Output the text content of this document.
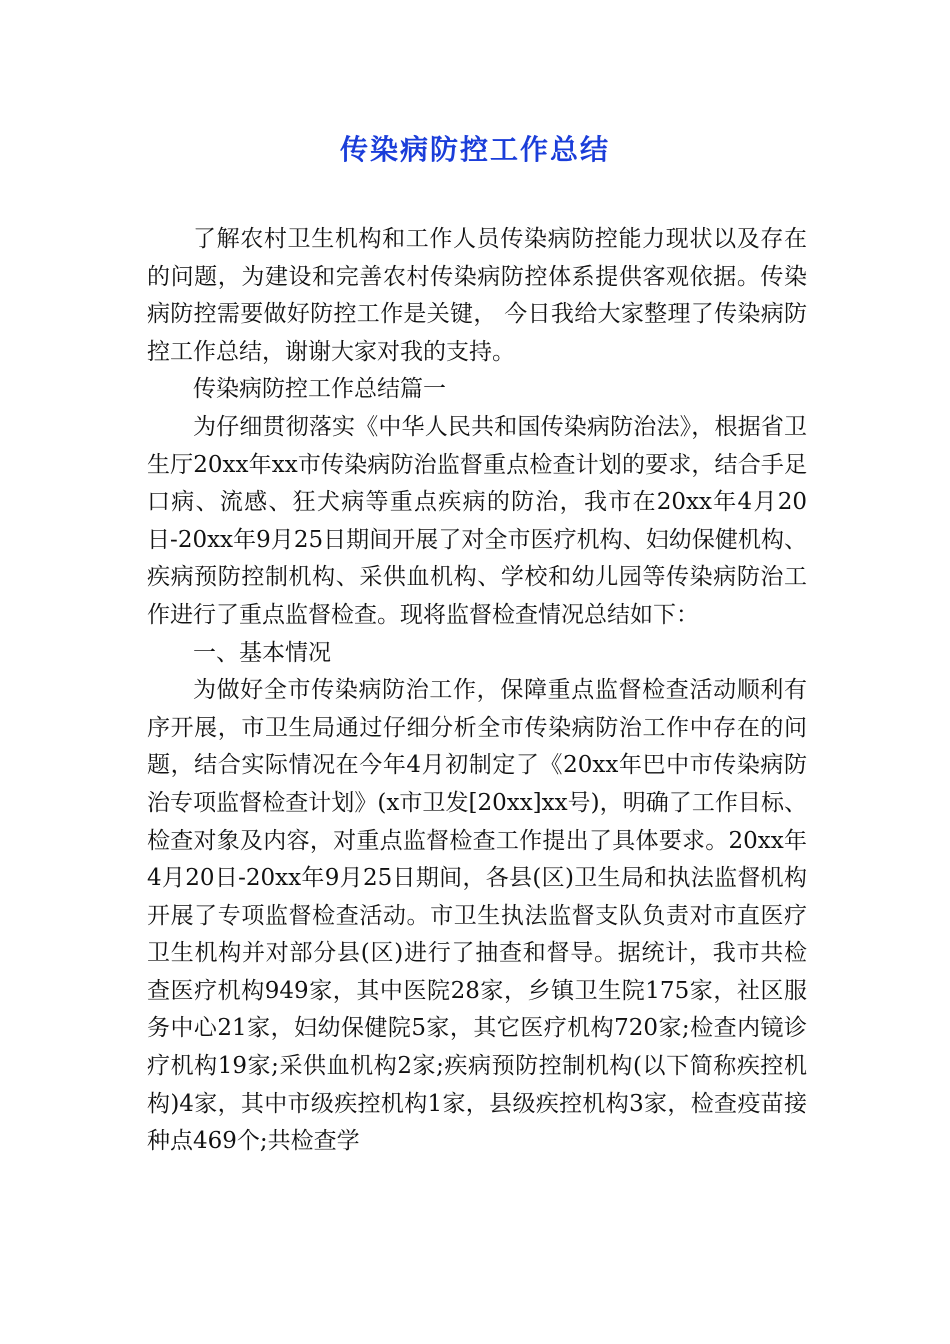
传染病防控工作总结

了解农村卫生机构和工作人员传染病防控能力现状以及存在的问题，为建设和完善农村传染病防控体系提供客观依据。传染病防控需要做好防控工作是关键， 今日我给大家整理了传染病防控工作总结，谢谢大家对我的支持。

传染病防控工作总结篇一

为仔细贯彻落实《中华人民共和国传染病防治法》，根据省卫生厅20xx年xx市传染病防治监督重点检查计划的要求，结合手足口病、流感、狂犬病等重点疾病的防治，我市在20xx年4月20日-20xx年9月25日期间开展了对全市医疗机构、妇幼保健机构、疾病预防控制机构、采供血机构、学校和幼儿园等传染病防治工作进行了重点监督检查。现将监督检查情况总结如下：

一、基本情况

为做好全市传染病防治工作，保障重点监督检查活动顺利有序开展，市卫生局通过仔细分析全市传染病防治工作中存在的问题，结合实际情况在今年4月初制定了《20xx年巴中市传染病防治专项监督检查计划》(x市卫发[20xx]xx号)，明确了工作目标、检查对象及内容，对重点监督检查工作提出了具体要求。20xx年4月20日-20xx年9月25日期间，各县(区)卫生局和执法监督机构开展了专项监督检查活动。市卫生执法监督支队负责对市直医疗卫生机构并对部分县(区)进行了抽查和督导。据统计，我市共检查医疗机构949家，其中医院28家，乡镇卫生院175家，社区服务中心21家，妇幼保健院5家，其它医疗机构720家;检查内镜诊疗机构19家;采供血机构2家;疾病预防控制机构(以下简称疾控机构)4家，其中市级疾控机构1家，县级疾控机构3家，检查疫苗接种点469个;共检查学
